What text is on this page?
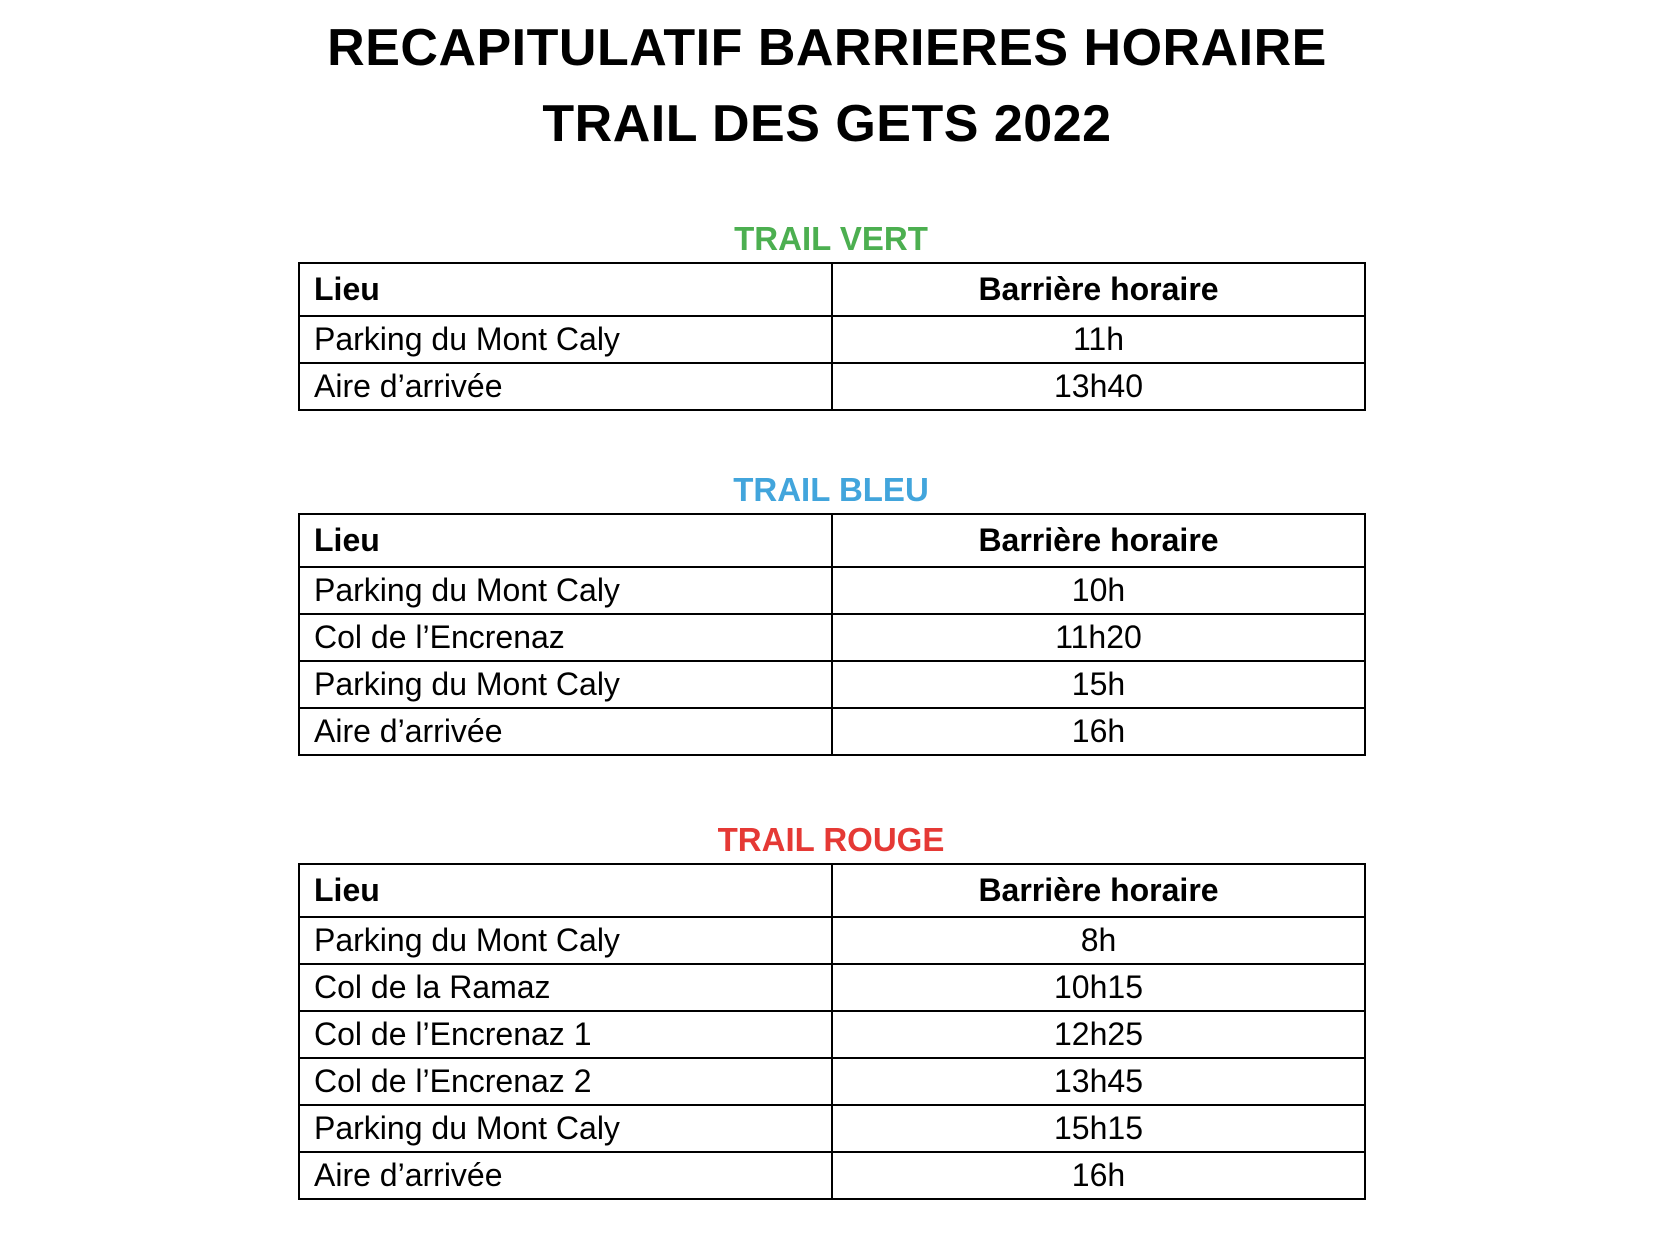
RECAPITULATIF BARRIERES HORAIRE

TRAIL DES GETS 2022

TRAIL VERT
Lieu	Barrière horaire
Parking du Mont Caly	11h
Aire d’arrivée	13h40
TRAIL BLEU
Lieu	Barrière horaire
Parking du Mont Caly	10h
Col de l’Encrenaz	11h20
Parking du Mont Caly	15h
Aire d’arrivée	16h
TRAIL ROUGE
Lieu	Barrière horaire
Parking du Mont Caly	8h
Col de la Ramaz	10h15
Col de l’Encrenaz 1	12h25
Col de l’Encrenaz 2	13h45
Parking du Mont Caly	15h15
Aire d’arrivée	16h
